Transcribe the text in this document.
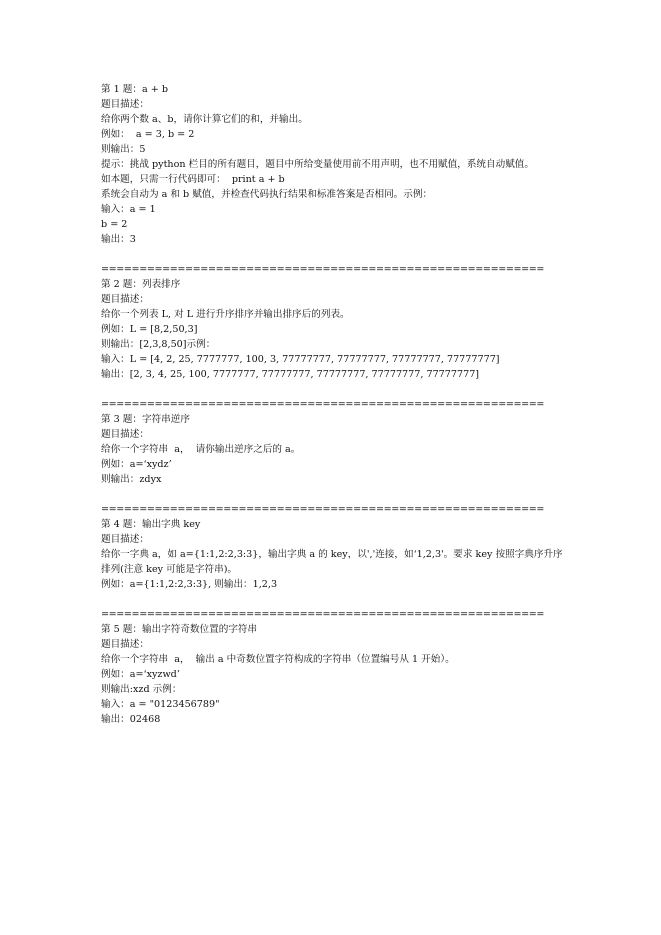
第 1 题：a + b
题目描述：
给你两个数 a、b，请你计算它们的和，并输出。
例如：  a = 3, b = 2
则输出：5
提示：挑战 python 栏目的所有题目，题目中所给变量使用前不用声明，也不用赋值，系统自动赋值。
如本题，只需一行代码即可：  print a + b
系统会自动为 a 和 b 赋值，并检查代码执行结果和标准答案是否相同。示例：
输入：a = 1
b = 2
输出：3
==========================================================
第 2 题：列表排序
题目描述：
给你一个列表 L, 对 L 进行升序排序并输出排序后的列表。
例如：L = [8,2,50,3]
则输出：[2,3,8,50]示例：
输入：L = [4, 2, 25, 7777777, 100, 3, 77777777, 77777777, 77777777, 77777777]
输出：[2, 3, 4, 25, 100, 7777777, 77777777, 77777777, 77777777, 77777777]
==========================================================
第 3 题：字符串逆序
题目描述：
给你一个字符串  a，  请你输出逆序之后的 a。
例如：a=‘xydz’
则输出：zdyx
==========================================================
第 4 题：输出字典 key
题目描述：
给你一字典 a，如 a={1:1,2:2,3:3}，输出字典 a 的 key，以','连接，如‘1,2,3'。要求 key 按照字典序升序排列(注意 key 可能是字符串)。
例如：a={1:1,2:2,3:3}, 则输出：1,2,3
==========================================================
第 5 题：输出字符奇数位置的字符串
题目描述：
给你一个字符串  a，  输出 a 中奇数位置字符构成的字符串（位置编号从 1 开始）。
例如：a=‘xyzwd’
则输出:xzd 示例：
输入：a = "0123456789"
输出：02468
